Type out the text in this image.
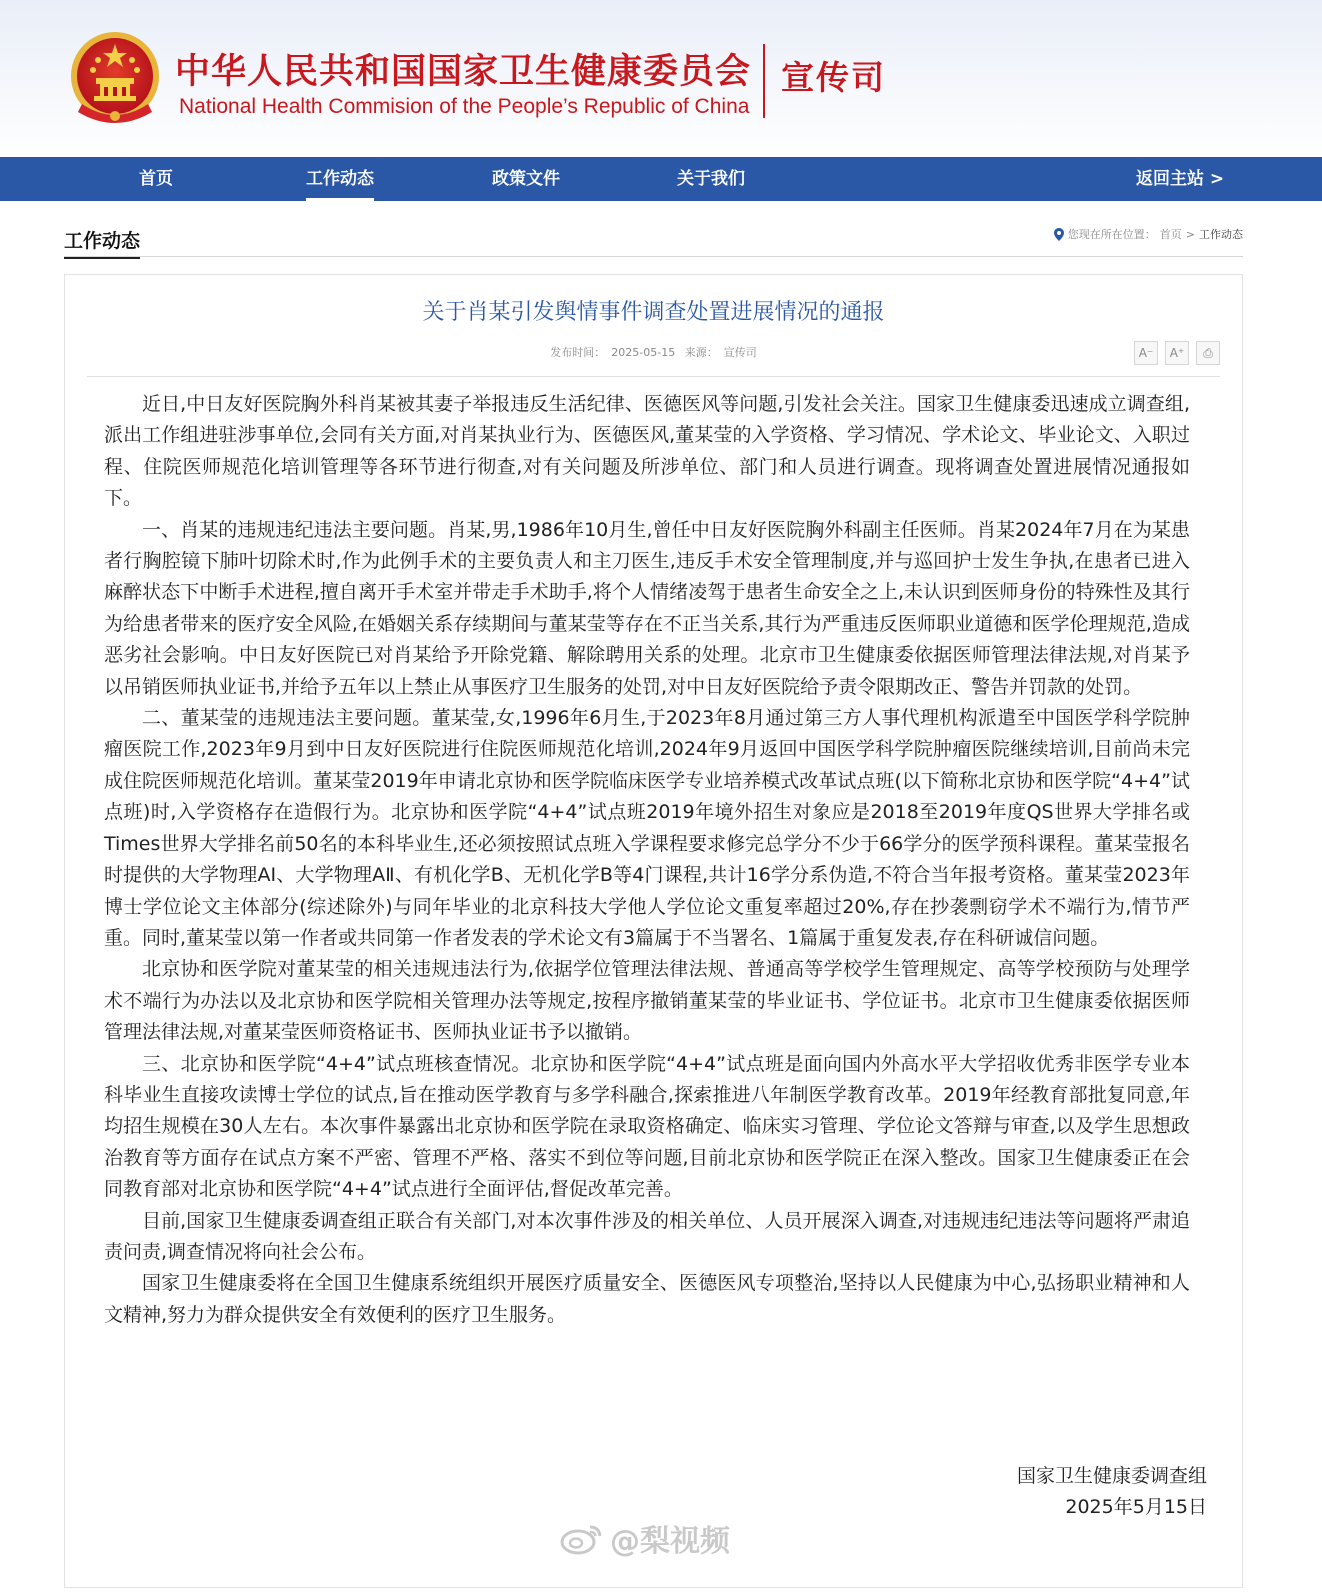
中华人民共和国国家卫生健康委员会
National Health Commision of the People’s Republic of China
宣传司
首页	工作动态	政策文件	关于我们	返回主站 >
工作动态	您现在所在位置： 首页 > 工作动态
关于肖某引发舆情事件调查处置进展情况的通报
发布时间： 2025-05-15 来源： 宣传司	A⁻	A⁺	⎙

近日,中日友好医院胸外科肖某被其妻子举报违反生活纪律、医德医风等问题,引发社会关注。国家卫生健康委迅速成立调查组,派出工作组进驻涉事单位,会同有关方面,对肖某执业行为、医德医风,董某莹的入学资格、学习情况、学术论文、毕业论文、入职过程、住院医师规范化培训管理等各环节进行彻查,对有关问题及所涉单位、部门和人员进行调查。现将调查处置进展情况通报如下。

一、肖某的违规违纪违法主要问题。肖某,男,1986年10月生,曾任中日友好医院胸外科副主任医师。肖某2024年7月在为某患者行胸腔镜下肺叶切除术时,作为此例手术的主要负责人和主刀医生,违反手术安全管理制度,并与巡回护士发生争执,在患者已进入麻醉状态下中断手术进程,擅自离开手术室并带走手术助手,将个人情绪凌驾于患者生命安全之上,未认识到医师身份的特殊性及其行为给患者带来的医疗安全风险,在婚姻关系存续期间与董某莹等存在不正当关系,其行为严重违反医师职业道德和医学伦理规范,造成恶劣社会影响。中日友好医院已对肖某给予开除党籍、解除聘用关系的处理。北京市卫生健康委依据医师管理法律法规,对肖某予以吊销医师执业证书,并给予五年以上禁止从事医疗卫生服务的处罚,对中日友好医院给予责令限期改正、警告并罚款的处罚。

二、董某莹的违规违法主要问题。董某莹,女,1996年6月生,于2023年8月通过第三方人事代理机构派遣至中国医学科学院肿瘤医院工作,2023年9月到中日友好医院进行住院医师规范化培训,2024年9月返回中国医学科学院肿瘤医院继续培训,目前尚未完成住院医师规范化培训。董某莹2019年申请北京协和医学院临床医学专业培养模式改革试点班(以下简称北京协和医学院“4+4”试点班)时,入学资格存在造假行为。北京协和医学院“4+4”试点班2019年境外招生对象应是2018至2019年度QS世界大学排名或Times世界大学排名前50名的本科毕业生,还必须按照试点班入学课程要求修完总学分不少于66学分的医学预科课程。董某莹报名时提供的大学物理AI、大学物理AⅡ、有机化学B、无机化学B等4门课程,共计16学分系伪造,不符合当年报考资格。董某莹2023年博士学位论文主体部分(综述除外)与同年毕业的北京科技大学他人学位论文重复率超过20%,存在抄袭剽窃学术不端行为,情节严重。同时,董某莹以第一作者或共同第一作者发表的学术论文有3篇属于不当署名、1篇属于重复发表,存在科研诚信问题。

北京协和医学院对董某莹的相关违规违法行为,依据学位管理法律法规、普通高等学校学生管理规定、高等学校预防与处理学术不端行为办法以及北京协和医学院相关管理办法等规定,按程序撤销董某莹的毕业证书、学位证书。北京市卫生健康委依据医师管理法律法规,对董某莹医师资格证书、医师执业证书予以撤销。

三、北京协和医学院“4+4”试点班核查情况。北京协和医学院“4+4”试点班是面向国内外高水平大学招收优秀非医学专业本科毕业生直接攻读博士学位的试点,旨在推动医学教育与多学科融合,探索推进八年制医学教育改革。2019年经教育部批复同意,年均招生规模在30人左右。本次事件暴露出北京协和医学院在录取资格确定、临床实习管理、学位论文答辩与审查,以及学生思想政治教育等方面存在试点方案不严密、管理不严格、落实不到位等问题,目前北京协和医学院正在深入整改。国家卫生健康委正在会同教育部对北京协和医学院“4+4”试点进行全面评估,督促改革完善。

目前,国家卫生健康委调查组正联合有关部门,对本次事件涉及的相关单位、人员开展深入调查,对违规违纪违法等问题将严肃追责问责,调查情况将向社会公布。

国家卫生健康委将在全国卫生健康系统组织开展医疗质量安全、医德医风专项整治,坚持以人民健康为中心,弘扬职业精神和人文精神,努力为群众提供安全有效便利的医疗卫生服务。

国家卫生健康委调查组
2025年5月15日
@梨视频
